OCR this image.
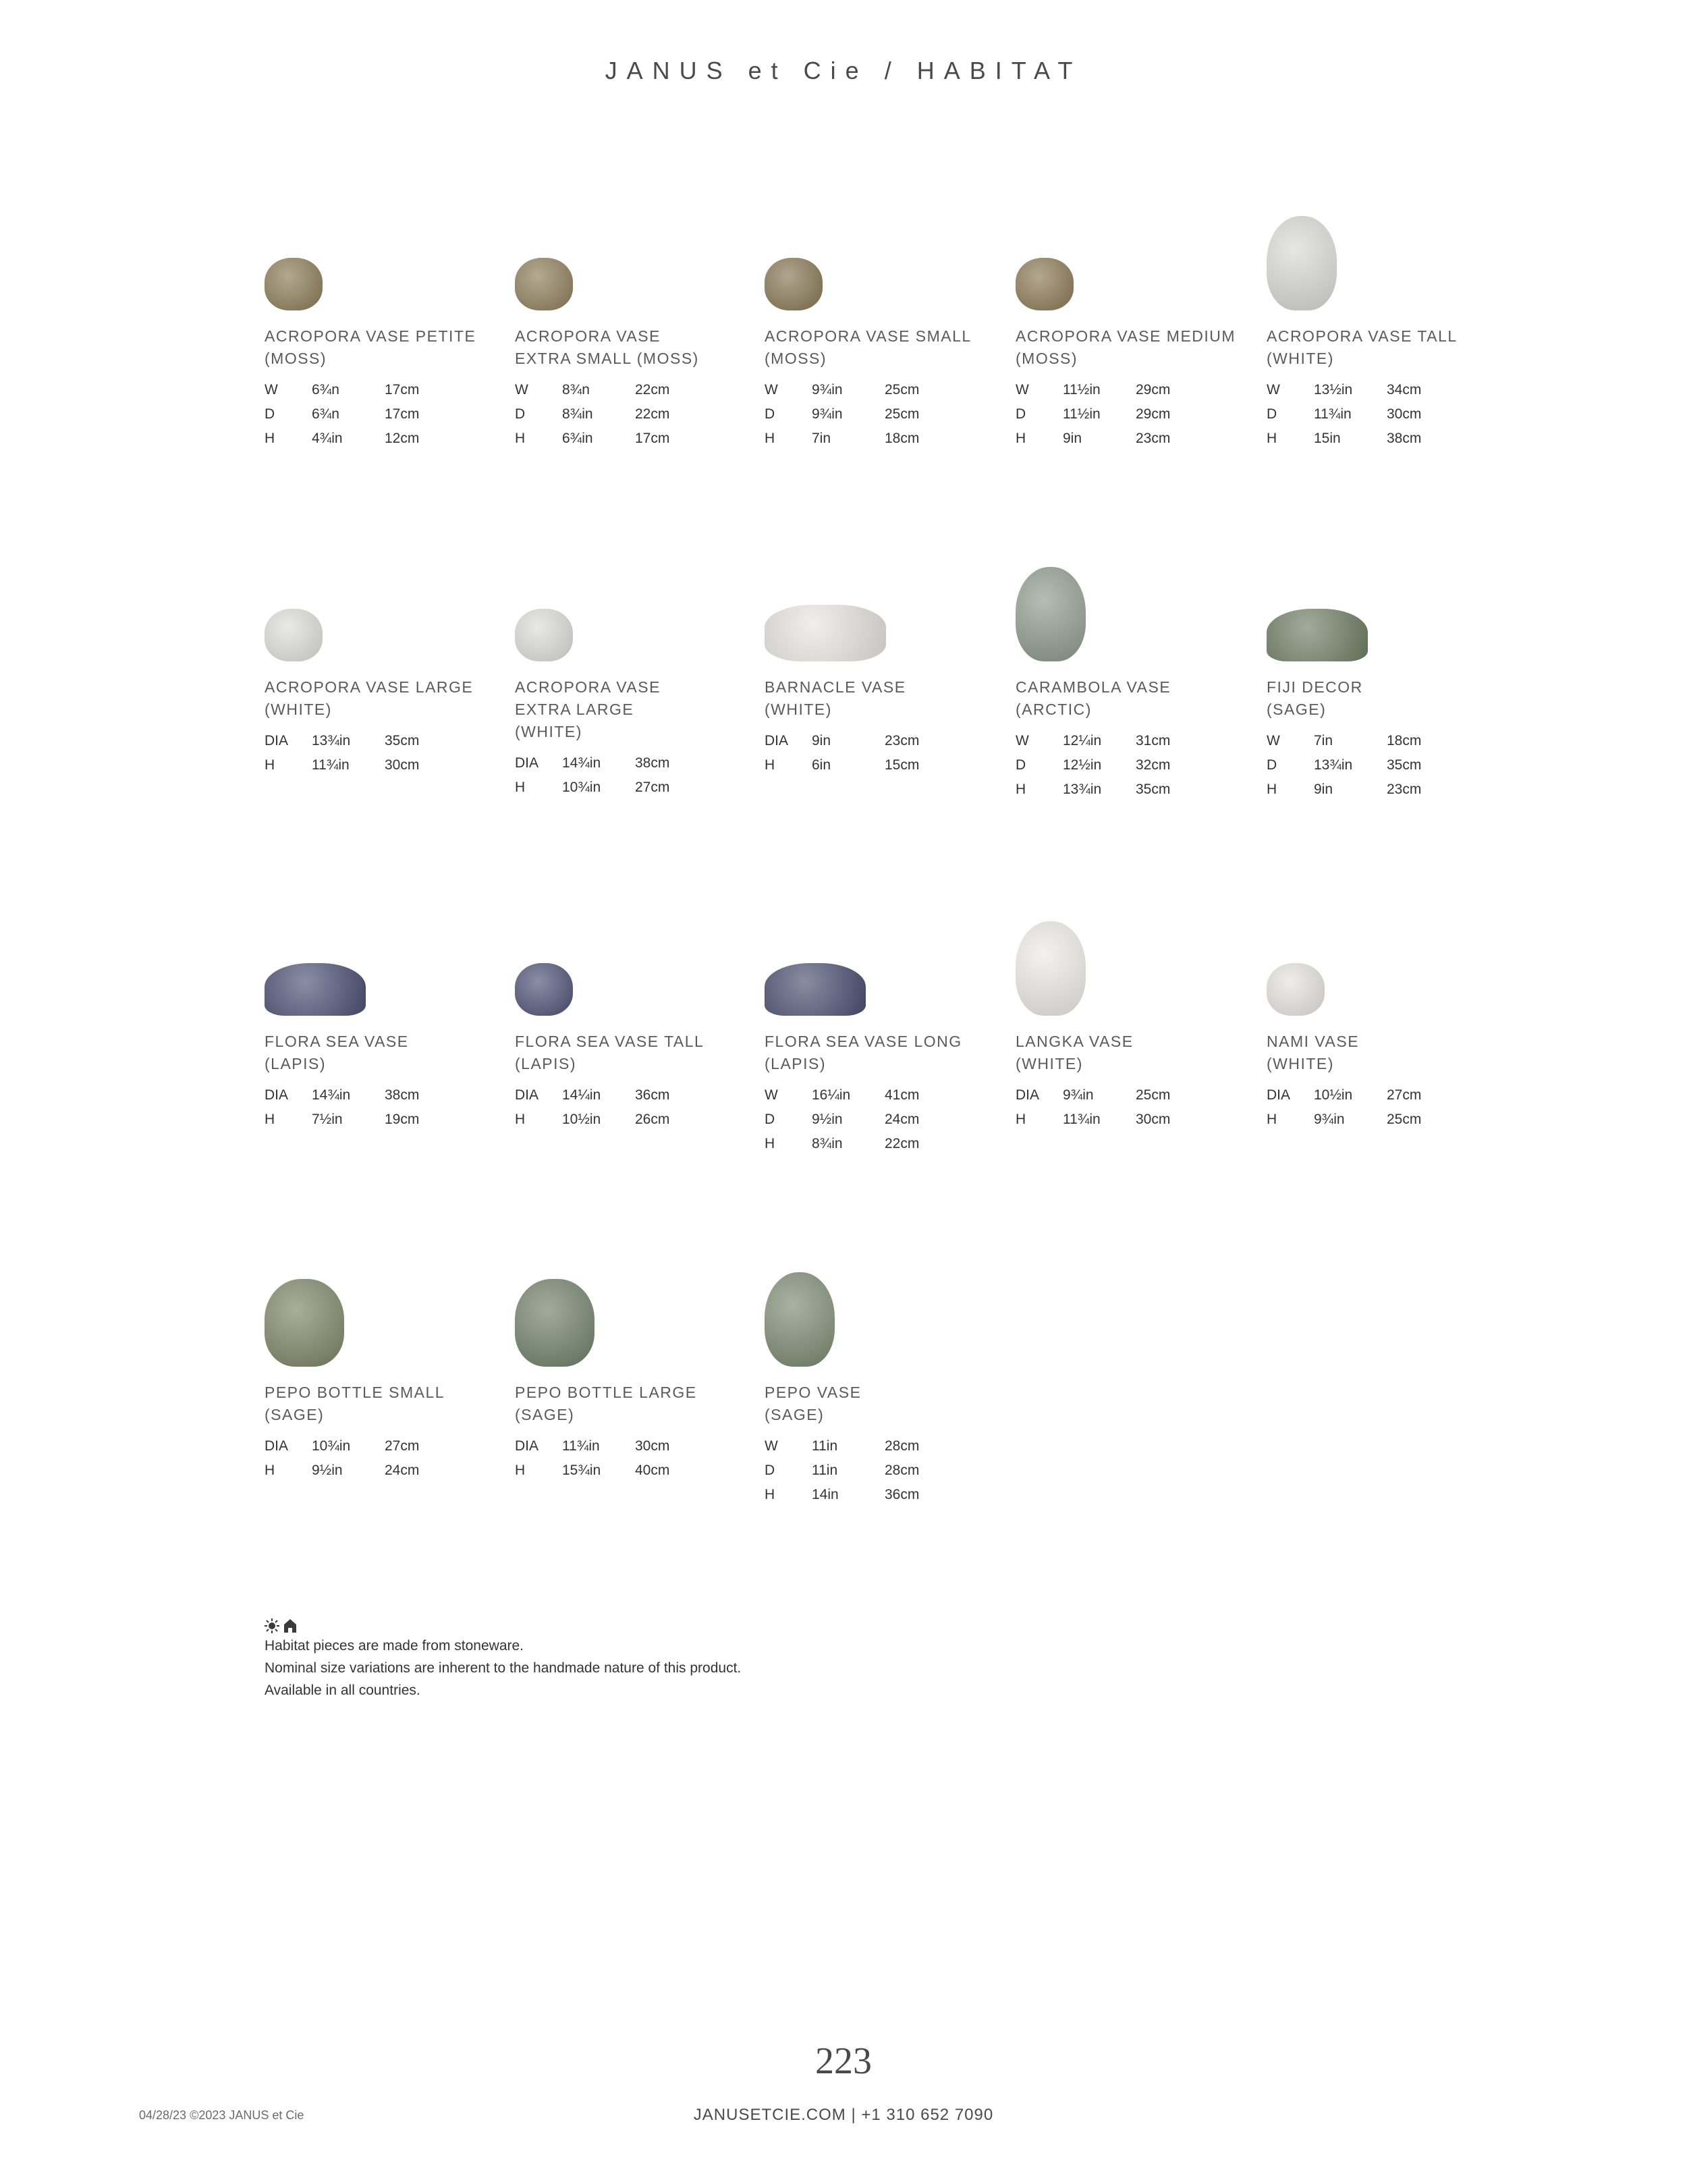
JANUS et Cie / HABITAT
ACROPORA VASE PETITE
(MOSS)
W 6¾n	17cm
D	6¾n	17cm
H	4¾in	12cm
ACROPORA VASE
EXTRA SMALL (MOSS)
W 8¾n	22cm
D	8¾in	22cm
H	6¾in	17cm
ACROPORA VASE SMALL
(MOSS)
W 9¾in	25cm
D	9¾in	25cm
H	7in	18cm
ACROPORA VASE MEDIUM
(MOSS)
W 11½in 29cm
D	11½in 29cm
H	9in	23cm
ACROPORA VASE TALL
(WHITE)
W 13½in 34cm
D	11¾in 30cm
H	15in	38cm
ACROPORA VASE LARGE
(WHITE)
DIA 13¾in 35cm
H	11¾in 30cm
ACROPORA VASE
EXTRA LARGE
(WHITE)
DIA 14¾in 38cm
H	10¾in 27cm
BARNACLE VASE
(WHITE)
DIA 9in	23cm
H	6in	15cm
CARAMBOLA VASE
(ARCTIC)
W 12¼in 31cm
D	12½in 32cm
H	13¾in 35cm
FIJI DECOR
(SAGE)
W 7in	18cm
D	13¾in 35cm
H	9in	23cm
FLORA SEA VASE
(LAPIS)
DIA 14¾in 38cm
H	7½in	19cm
FLORA SEA VASE TALL
(LAPIS)
DIA 14¼in 36cm
H	10½in 26cm
FLORA SEA VASE LONG
(LAPIS)
W 16¼in 41cm
D	9½in	24cm
H	8¾in	22cm
LANGKA VASE
(WHITE)
DIA 9¾in	25cm
H	11¾in 30cm
NAMI VASE
(WHITE)
DIA 10½in 27cm
H	9¾in	25cm
PEPO BOTTLE SMALL
(SAGE)
DIA 10¾in 27cm
H	9½in	24cm
PEPO BOTTLE LARGE
(SAGE)
DIA 11¾in 30cm
H	15¾in 40cm
PEPO VASE
(SAGE)
W 11in	28cm
D	11in	28cm
H	14in	36cm
Habitat pieces are made from stoneware.
Nominal size variations are inherent to the handmade nature of this product.
Available in all countries.
223
04/28/23 ©2023 JANUS et Cie	JANUSETCIE.COM | +1 310 652 7090
